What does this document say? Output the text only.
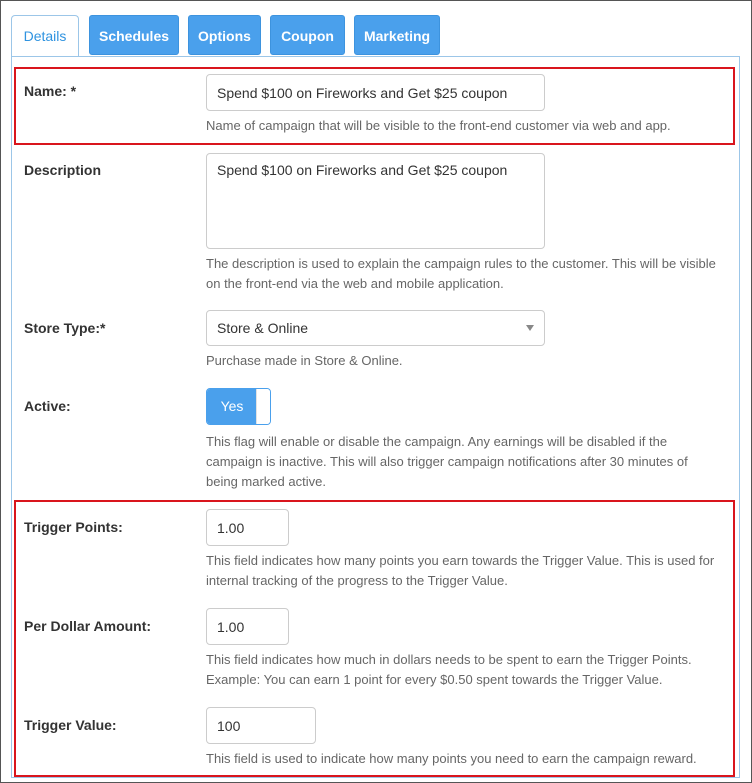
Details	Schedules	Options	Coupon	Marketing
Name: *	Spend $100 on Fireworks and Get $25 coupon
Name of campaign that will be visible to the front-end customer via web and app.
Description	Spend $100 on Fireworks and Get $25 coupon
The description is used to explain the campaign rules to the customer. This will be visible
on the front-end via the web and mobile application.
Store Type:*	Store & Online
Purchase made in Store & Online.
Active:	Yes
This flag will enable or disable the campaign. Any earnings will be disabled if the
campaign is inactive. This will also trigger campaign notifications after 30 minutes of
being marked active.
Trigger Points:	1.00
This field indicates how many points you earn towards the Trigger Value. This is used for
internal tracking of the progress to the Trigger Value.
Per Dollar Amount:	1.00
This field indicates how much in dollars needs to be spent to earn the Trigger Points.
Example: You can earn 1 point for every $0.50 spent towards the Trigger Value.
Trigger Value:	100
This field is used to indicate how many points you need to earn the campaign reward.
